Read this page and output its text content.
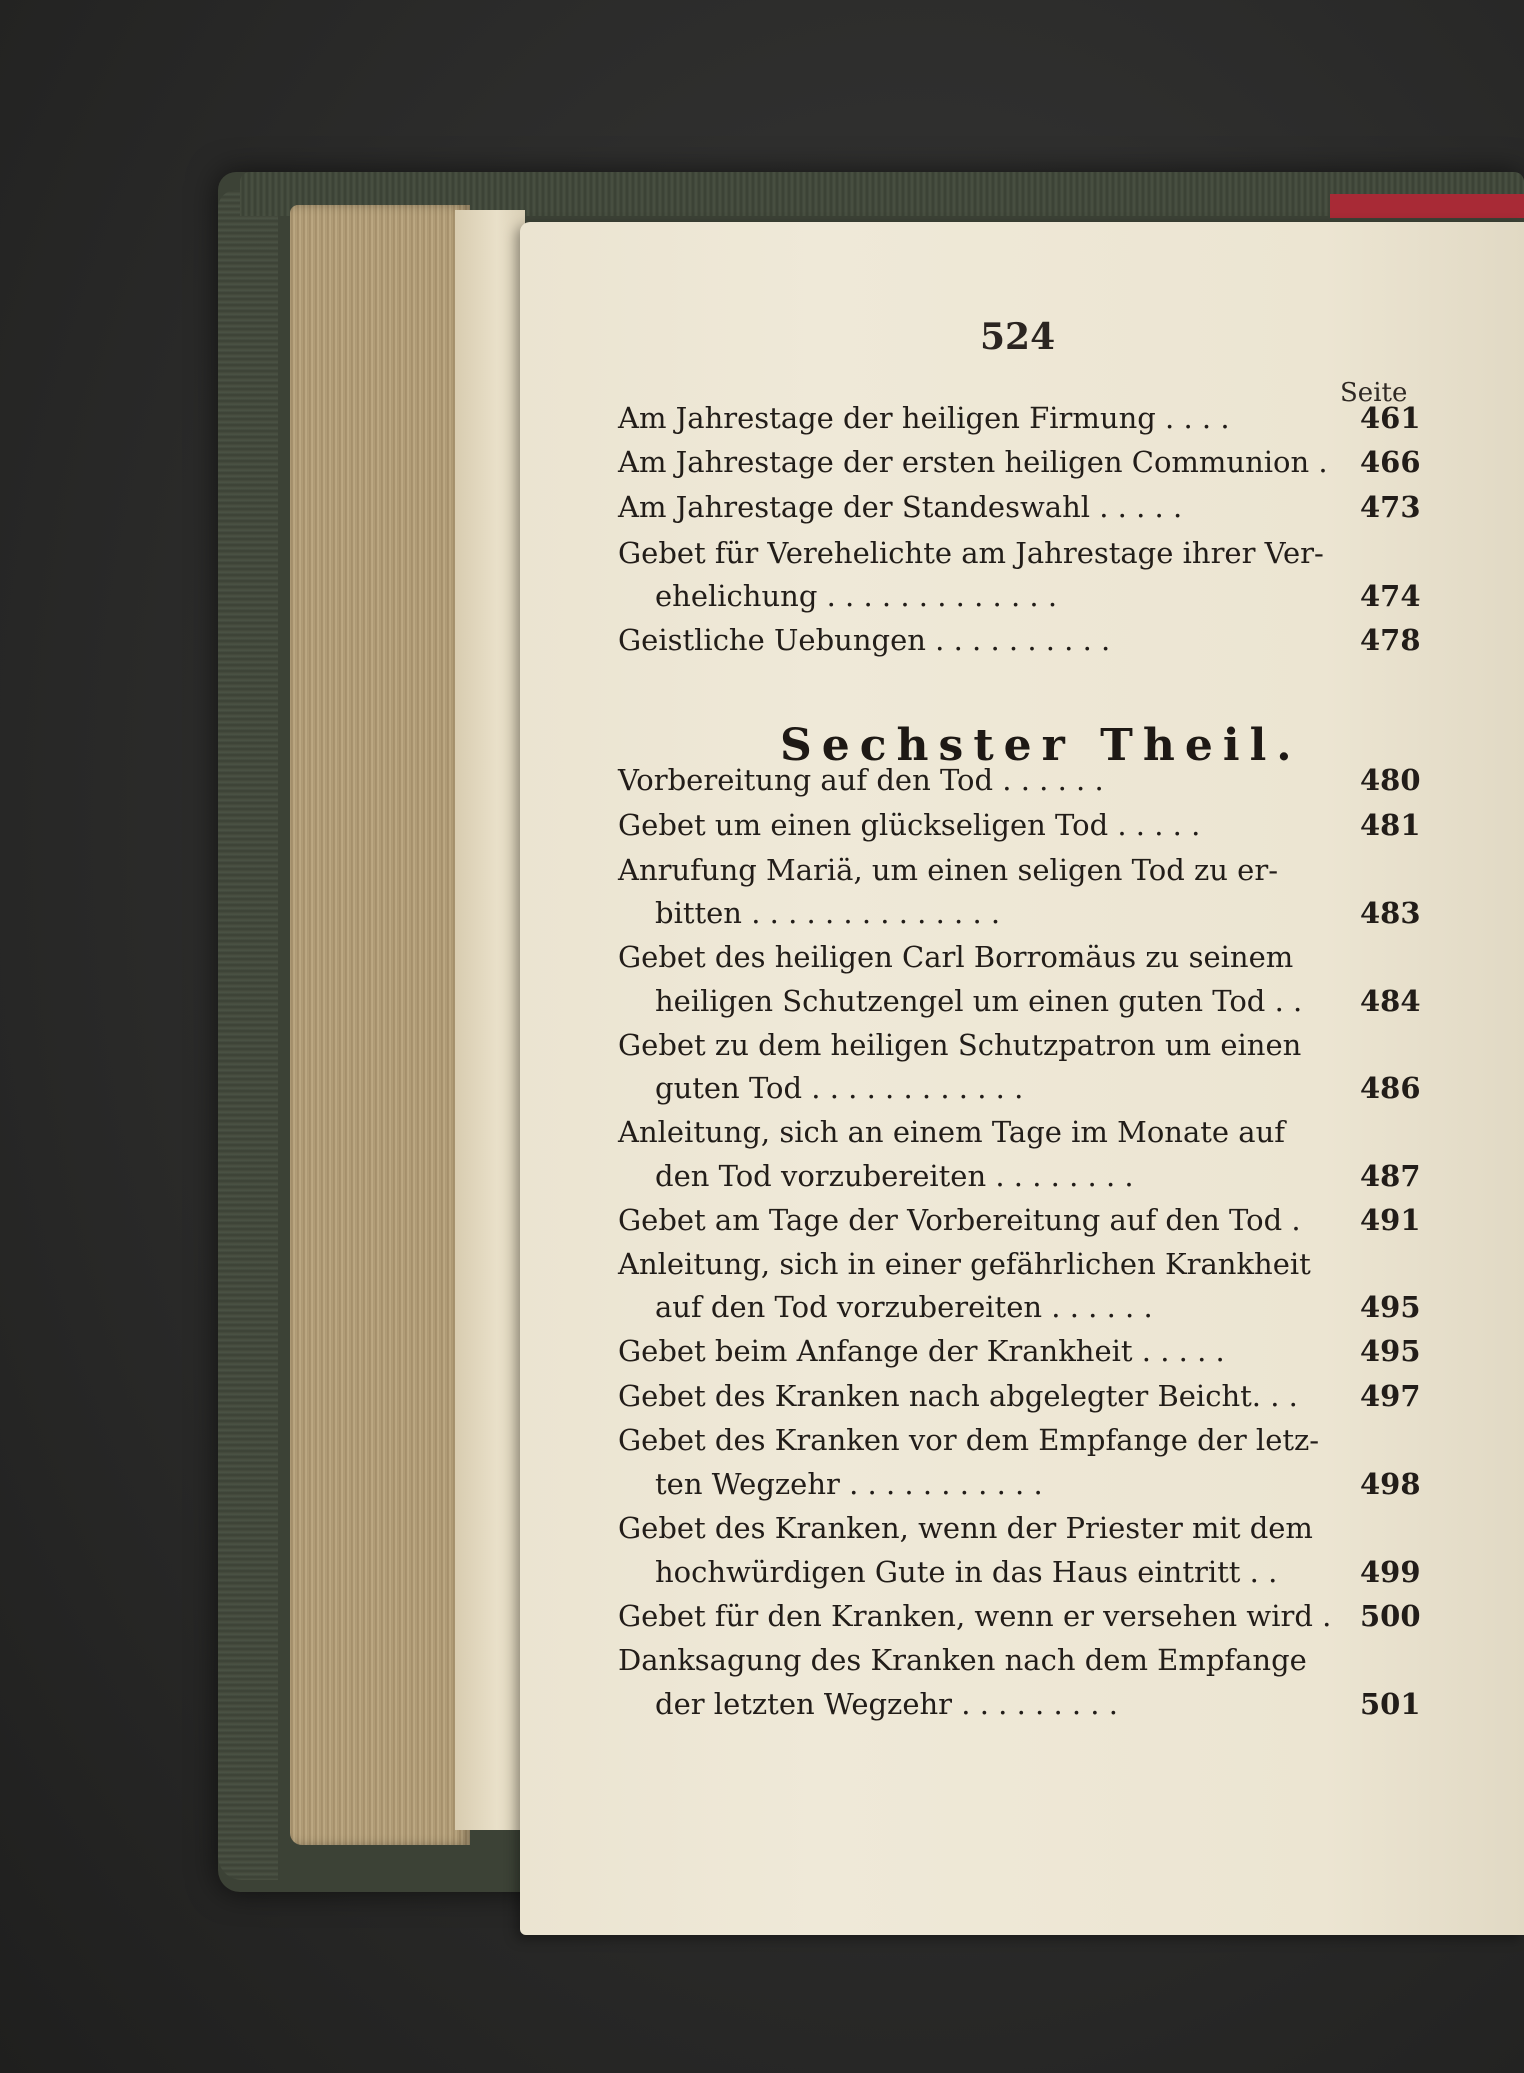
524
Seite
Am Jahrestage der heiligen Firmung . . . .	461
Am Jahrestage der ersten heiligen Communion . 466
Am Jahrestage der Standeswahl . . . . .	473
Gebet für Verehelichte am Jahrestage ihrer Ver-
ehelichung . . . . . . . . . . . . .	474
Geistliche Uebungen . . . . . . . . . .	478
Vorbereitung auf den Tod . . . . . .	480
Gebet um einen glückseligen Tod . . . . .	481
Anrufung Mariä, um einen seligen Tod zu er-
bitten . . . . . . . . . . . . . .	483
Gebet des heiligen Carl Borromäus zu seinem
heiligen Schutzengel um einen guten Tod . . 484
Gebet zu dem heiligen Schutzpatron um einen
guten Tod . . . . . . . . . . . .	486
Anleitung, sich an einem Tage im Monate auf
den Tod vorzubereiten . . . . . . . .	487
Gebet am Tage der Vorbereitung auf den Tod . 491
Anleitung, sich in einer gefährlichen Krankheit
auf den Tod vorzubereiten . . . . . .	495
Gebet beim Anfange der Krankheit . . . . .	495
Gebet des Kranken nach abgelegter Beicht. . . 497
Gebet des Kranken vor dem Empfange der letz-
ten Wegzehr . . . . . . . . . . .	498
Gebet des Kranken, wenn der Priester mit dem
hochwürdigen Gute in das Haus eintritt . .	499
Gebet für den Kranken, wenn er versehen wird . 500
Danksagung des Kranken nach dem Empfange
der letzten Wegzehr . . . . . . . . .	501
Sechster Theil.
